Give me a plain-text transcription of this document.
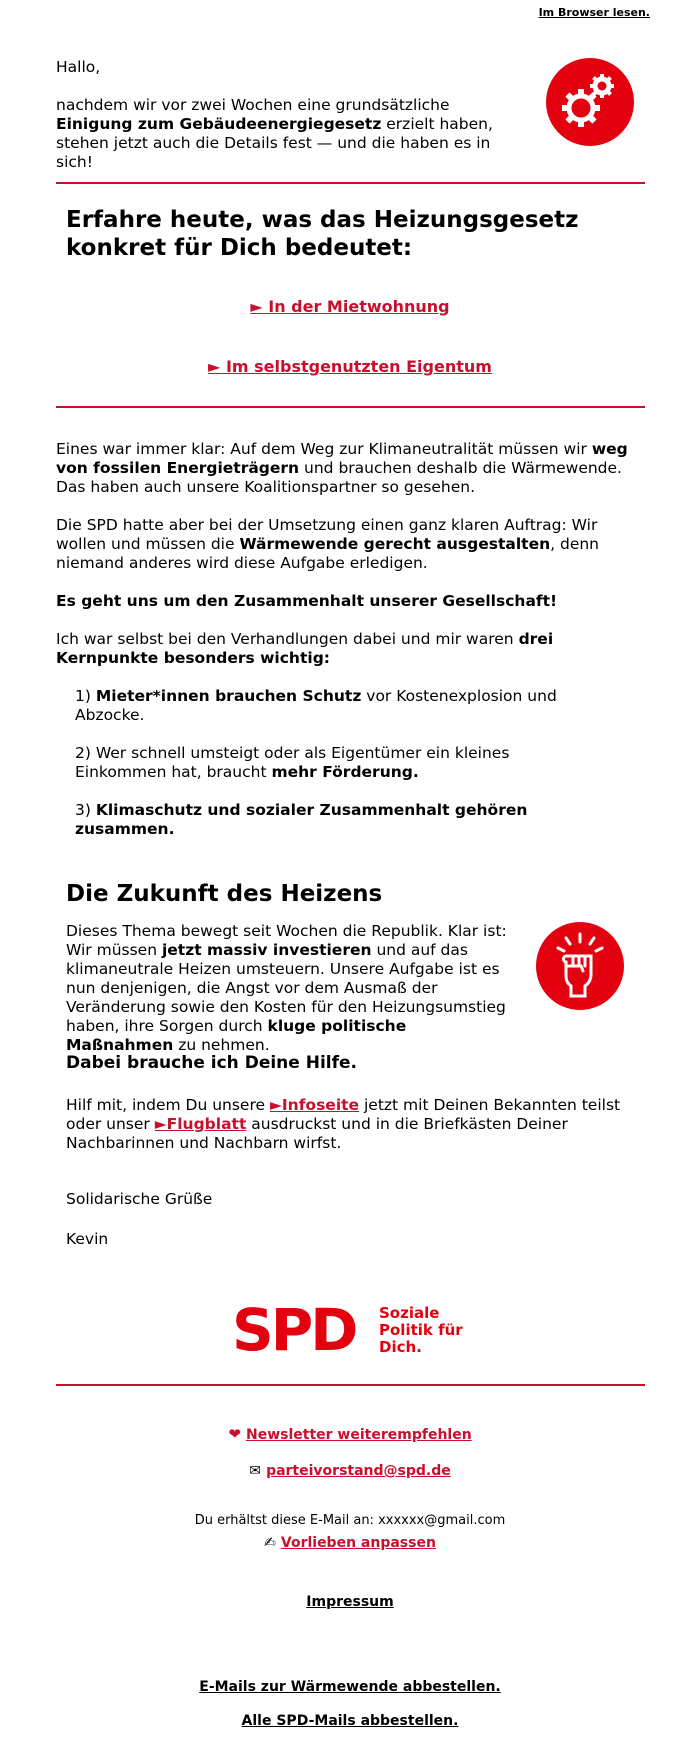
Im Browser lesen.

Hallo,

nachdem wir vor zwei Wochen eine grundsätzliche Einigung zum Gebäudeenergiegesetz erzielt haben, stehen jetzt auch die Details fest — und die haben es in sich!

Erfahre heute, was das Heizungsgesetz konkret für Dich bedeutet:
► In der Mietwohnung
► Im selbstgenutzten Eigentum

Eines war immer klar: Auf dem Weg zur Klimaneutralität müssen wir weg von fossilen Energieträgern und brauchen deshalb die Wärmewende. Das haben auch unsere Koalitionspartner so gesehen.

Die SPD hatte aber bei der Umsetzung einen ganz klaren Auftrag: Wir wollen und müssen die Wärmewende gerecht ausgestalten, denn niemand anderes wird diese Aufgabe erledigen.

Es geht uns um den Zusammenhalt unserer Gesellschaft!

Ich war selbst bei den Verhandlungen dabei und mir waren drei Kernpunkte besonders wichtig:

1) Mieter*innen brauchen Schutz vor Kostenexplosion und Abzocke.

2) Wer schnell umsteigt oder als Eigentümer ein kleines Einkommen hat, braucht mehr Förderung.

3) Klimaschutz und sozialer Zusammenhalt gehören zusammen.

Die Zukunft des Heizens

Dieses Thema bewegt seit Wochen die Republik. Klar ist: Wir müssen jetzt massiv investieren und auf das klimaneutrale Heizen umsteuern. Unsere Aufgabe ist es nun denjenigen, die Angst vor dem Ausmaß der Veränderung sowie den Kosten für den Heizungsumstieg haben, ihre Sorgen durch kluge politische Maßnahmen zu nehmen.

Dabei brauche ich Deine Hilfe.

Hilf mit, indem Du unsere ►Infoseite jetzt mit Deinen Bekannten teilst oder unser ►Flugblatt ausdruckst und in die Briefkästen Deiner Nachbarinnen und Nachbarn wirfst.

Solidarische Grüße

Kevin

SPD Soziale
Politik für
Dich.
❤ Newsletter weiterempfehlen
✉ parteivorstand@spd.de
Du erhältst diese E-Mail an: xxxxxx@gmail.com
✍ Vorlieben anpassen
Impressum
E-Mails zur Wärmewende abbestellen.
Alle SPD-Mails abbestellen.
